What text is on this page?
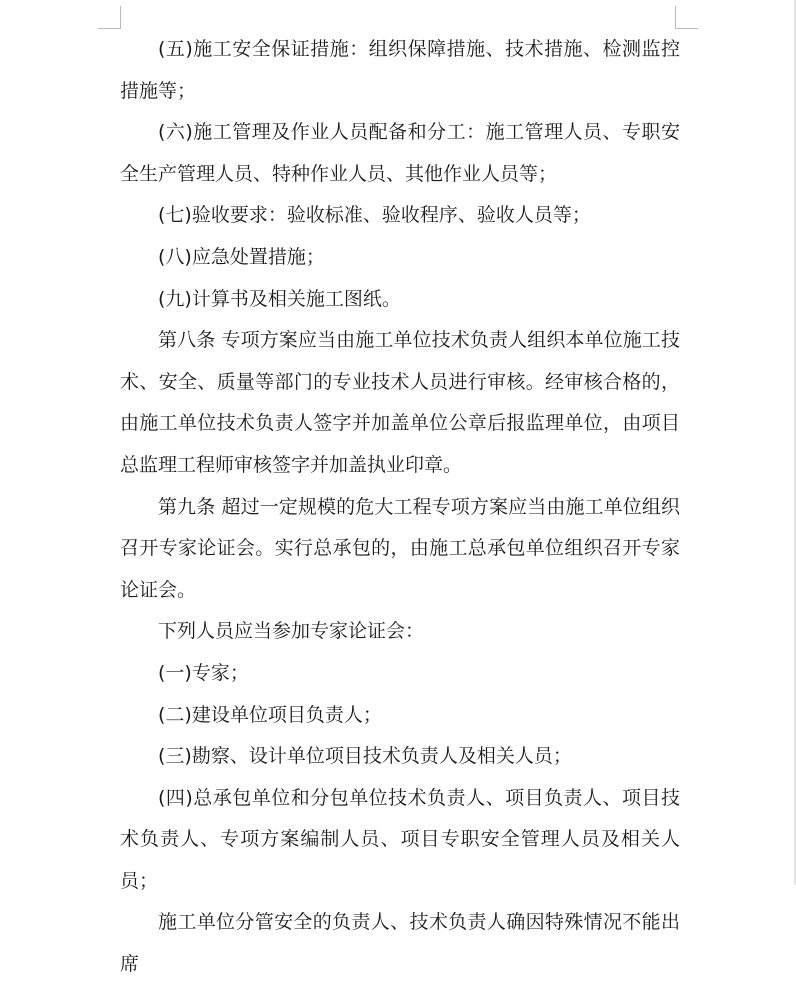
(五)施工安全保证措施：组织保障措施、技术措施、检测监控措施等；

(六)施工管理及作业人员配备和分工：施工管理人员、专职安全生产管理人员、特种作业人员、其他作业人员等；

(七)验收要求：验收标准、验收程序、验收人员等；

(八)应急处置措施；

(九)计算书及相关施工图纸。

第八条 专项方案应当由施工单位技术负责人组织本单位施工技术、安全、质量等部门的专业技术人员进行审核。经审核合格的，由施工单位技术负责人签字并加盖单位公章后报监理单位，由项目总监理工程师审核签字并加盖执业印章。

第九条 超过一定规模的危大工程专项方案应当由施工单位组织召开专家论证会。实行总承包的，由施工总承包单位组织召开专家论证会。

下列人员应当参加专家论证会：

(一)专家；

(二)建设单位项目负责人；

(三)勘察、设计单位项目技术负责人及相关人员；

(四)总承包单位和分包单位技术负责人、项目负责人、项目技术负责人、专项方案编制人员、项目专职安全管理人员及相关人员；

施工单位分管安全的负责人、技术负责人确因特殊情况不能出席
